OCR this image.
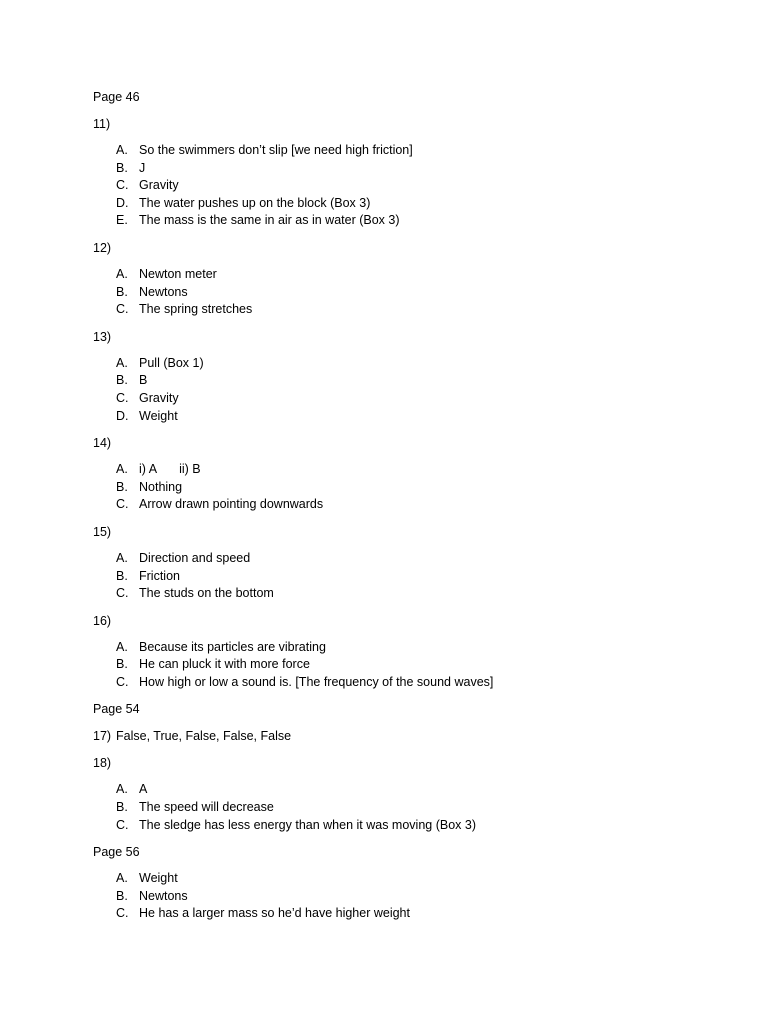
Page 46
11)
A. So the swimmers don’t slip [we need high friction]
B. J
C. Gravity
D. The water pushes up on the block (Box 3)
E. The mass is the same in air as in water (Box 3)
12)
A. Newton meter
B. Newtons
C. The spring stretches
13)
A. Pull (Box 1)
B. B
C. Gravity
D. Weight
14)
A. i) A ii) B
B. Nothing
C. Arrow drawn pointing downwards
15)
A. Direction and speed
B. Friction
C. The studs on the bottom
16)
A. Because its particles are vibrating
B. He can pluck it with more force
C. How high or low a sound is. [The frequency of the sound waves]
Page 54
17) False, True, False, False, False
18)
A. A
B. The speed will decrease
C. The sledge has less energy than when it was moving (Box 3)
Page 56
A. Weight
B. Newtons
C. He has a larger mass so he’d have higher weight
